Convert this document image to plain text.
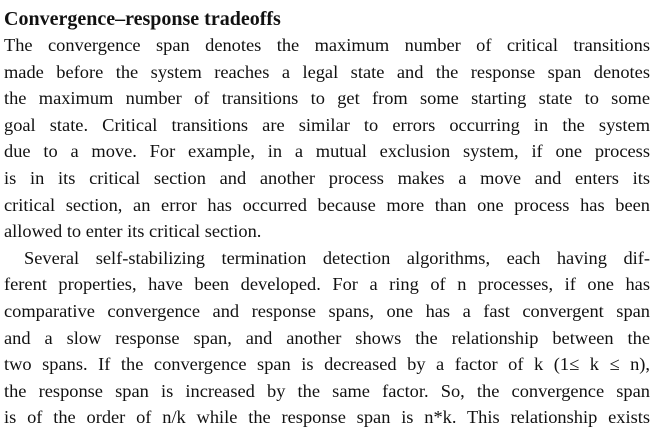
Convergence–response tradeoffs
The convergence span denotes the maximum number of critical transitions
made before the system reaches a legal state and the response span denotes
the maximum number of transitions to get from some starting state to some
goal state. Critical transitions are similar to errors occurring in the system
due to a move. For example, in a mutual exclusion system, if one process
is in its critical section and another process makes a move and enters its
critical section, an error has occurred because more than one process has been
allowed to enter its critical section.
Several self-stabilizing termination detection algorithms, each having dif-
ferent properties, have been developed. For a ring of n processes, if one has
comparative convergence and response spans, one has a fast convergent span
and a slow response span, and another shows the relationship between the
two spans. If the convergence span is decreased by a factor of k (1≤ k ≤ n),
the response span is increased by the same factor. So, the convergence span
is of the order of n/k while the response span is n*k. This relationship exists
